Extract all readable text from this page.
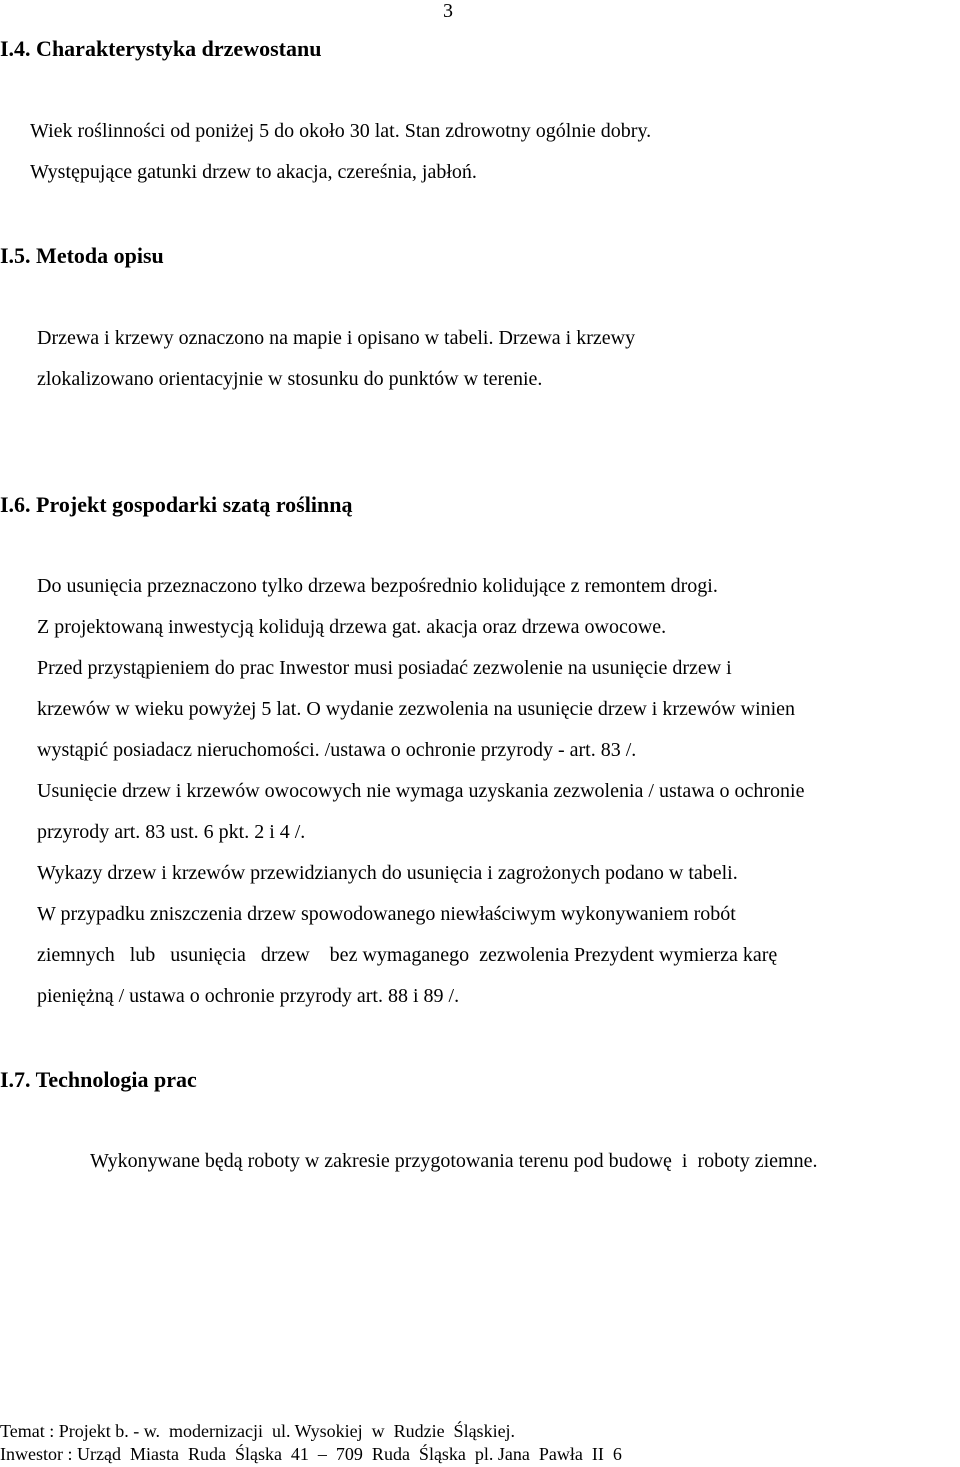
3
I.4. Charakterystyka drzewostanu
Wiek roślinności od poniżej 5 do około 30 lat. Stan zdrowotny ogólnie dobry.
Występujące gatunki drzew to akacja, czereśnia, jabłoń.
I.5. Metoda opisu
Drzewa i krzewy oznaczono na mapie i opisano w tabeli. Drzewa i krzewy
zlokalizowano orientacyjnie w stosunku do punktów w terenie.
I.6. Projekt gospodarki szatą roślinną
Do usunięcia przeznaczono tylko drzewa bezpośrednio kolidujące z remontem drogi.
Z projektowaną inwestycją kolidują drzewa gat. akacja oraz drzewa owocowe.
Przed przystąpieniem do prac Inwestor musi posiadać zezwolenie na usunięcie drzew i
krzewów w wieku powyżej 5 lat. O wydanie zezwolenia na usunięcie drzew i krzewów winien
wystąpić posiadacz nieruchomości. /ustawa o ochronie przyrody - art. 83 /.
Usunięcie drzew i krzewów owocowych nie wymaga uzyskania zezwolenia / ustawa o ochronie
przyrody art. 83 ust. 6 pkt. 2 i 4 /.
Wykazy drzew i krzewów przewidzianych do usunięcia i zagrożonych podano w tabeli.
W przypadku zniszczenia drzew spowodowanego niewłaściwym wykonywaniem robót
ziemnych   lub   usunięcia   drzew    bez wymaganego  zezwolenia Prezydent wymierza karę
pieniężną / ustawa o ochronie przyrody art. 88 i 89 /.
I.7. Technologia prac
Wykonywane będą roboty w zakresie przygotowania terenu pod budowę  i  roboty ziemne.
Temat : Projekt b. - w.  modernizacji  ul. Wysokiej  w  Rudzie  Śląskiej.
Inwestor : Urząd  Miasta  Ruda  Śląska  41  –  709  Ruda  Śląska  pl. Jana  Pawła  II  6
